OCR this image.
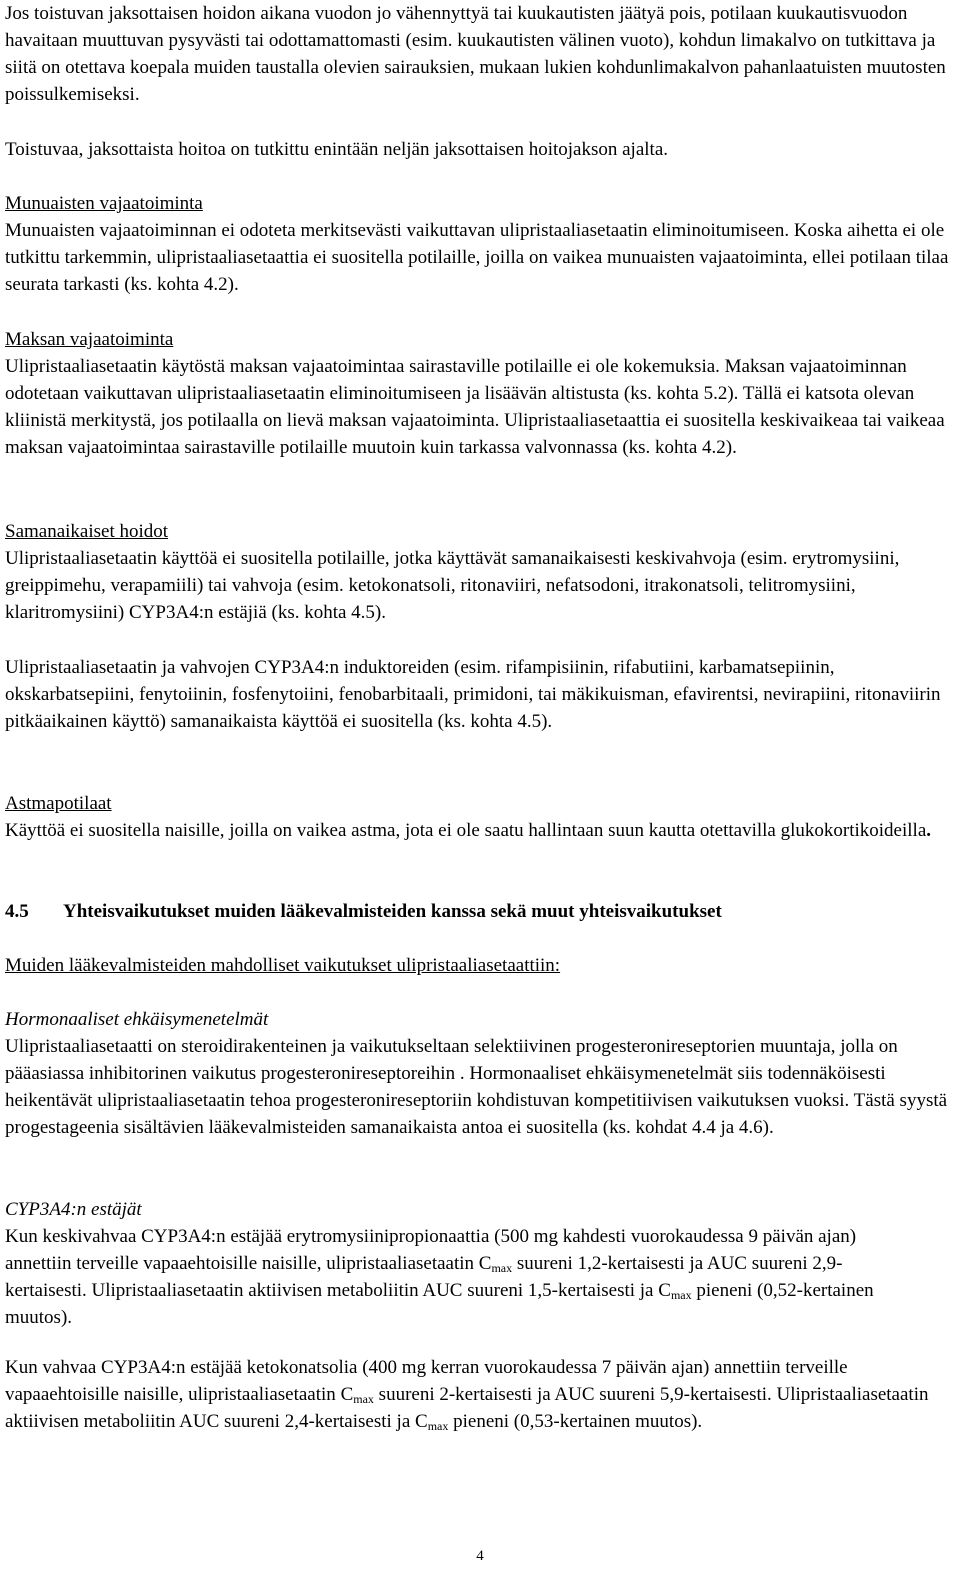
Jos toistuvan jaksottaisen hoidon aikana vuodon jo vähennyttyä tai kuukautisten jäätyä pois, potilaan kuukautisvuodon havaitaan muuttuvan pysyvästi tai odottamattomasti (esim. kuukautisten välinen vuoto), kohdun limakalvo on tutkittava ja siitä on otettava koepala muiden taustalla olevien sairauksien, mukaan lukien kohdunlimakalvon pahanlaatuisten muutosten poissulkemiseksi.

Toistuvaa, jaksottaista hoitoa on tutkittu enintään neljän jaksottaisen hoitojakson ajalta.

Munuaisten vajaatoiminta

Munuaisten vajaatoiminnan ei odoteta merkitsevästi vaikuttavan ulipristaaliasetaatin eliminoitumiseen. Koska aihetta ei ole tutkittu tarkemmin, ulipristaaliasetaattia ei suositella potilaille, joilla on vaikea munuaisten vajaatoiminta, ellei potilaan tilaa seurata tarkasti (ks. kohta 4.2).

Maksan vajaatoiminta

Ulipristaaliasetaatin käytöstä maksan vajaatoimintaa sairastaville potilaille ei ole kokemuksia. Maksan vajaatoiminnan odotetaan vaikuttavan ulipristaaliasetaatin eliminoitumiseen ja lisäävän altistusta (ks. kohta 5.2). Tällä ei katsota olevan kliinistä merkitystä, jos potilaalla on lievä maksan vajaatoiminta. Ulipristaaliasetaattia ei suositella keskivaikeaa tai vaikeaa maksan vajaatoimintaa sairastaville potilaille muutoin kuin tarkassa valvonnassa (ks. kohta 4.2).

Samanaikaiset hoidot

Ulipristaaliasetaatin käyttöä ei suositella potilaille, jotka käyttävät samanaikaisesti keskivahvoja (esim. erytromysiini, greippimehu, verapamiili) tai vahvoja (esim. ketokonatsoli, ritonaviiri, nefatsodoni, itrakonatsoli, telitromysiini, klaritromysiini) CYP3A4:n estäjiä (ks. kohta 4.5).

Ulipristaaliasetaatin ja vahvojen CYP3A4:n induktoreiden (esim. rifampisiinin, rifabutiini, karbamatsepiinin, okskarbatsepiini, fenytoiinin, fosfenytoiini, fenobarbitaali, primidoni, tai mäkikuisman, efavirentsi, nevirapiini, ritonaviirin pitkäaikainen käyttö) samanaikaista käyttöä ei suositella (ks. kohta 4.5).

Astmapotilaat

Käyttöä ei suositella naisille, joilla on vaikea astma, jota ei ole saatu hallintaan suun kautta otettavilla glukokortikoideilla.

4.5 Yhteisvaikutukset muiden lääkevalmisteiden kanssa sekä muut yhteisvaikutukset

Muiden lääkevalmisteiden mahdolliset vaikutukset ulipristaaliasetaattiin:

Hormonaaliset ehkäisymenetelmät

Ulipristaaliasetaatti on steroidirakenteinen ja vaikutukseltaan selektiivinen progesteronireseptorien muuntaja, jolla on pääasiassa inhibitorinen vaikutus progesteronireseptoreihin . Hormonaaliset ehkäisymenetelmät siis todennäköisesti heikentävät ulipristaaliasetaatin tehoa progesteronireseptoriin kohdistuvan kompetitiivisen vaikutuksen vuoksi. Tästä syystä progestageenia sisältävien lääkevalmisteiden samanaikaista antoa ei suositella (ks. kohdat 4.4 ja 4.6).

CYP3A4:n estäjät

Kun keskivahvaa CYP3A4:n estäjää erytromysiinipropionaattia (500 mg kahdesti vuorokaudessa 9 päivän ajan) annettiin terveille vapaaehtoisille naisille, ulipristaaliasetaatin $C_{max}$ suureni 1,2-kertaisesti ja AUC suureni 2,9-kertaisesti. Ulipristaaliasetaatin aktiivisen metaboliitin AUC suureni 1,5-kertaisesti ja $C_{max}$ pieneni (0,52-kertainen muutos).

Kun vahvaa CYP3A4:n estäjää ketokonatsolia (400 mg kerran vuorokaudessa 7 päivän ajan) annettiin terveille vapaaehtoisille naisille, ulipristaaliasetaatin $C_{max}$ suureni 2-kertaisesti ja AUC suureni 5,9-kertaisesti. Ulipristaaliasetaatin aktiivisen metaboliitin AUC suureni 2,4-kertaisesti ja $C_{max}$ pieneni (0,53-kertainen muutos).

4
